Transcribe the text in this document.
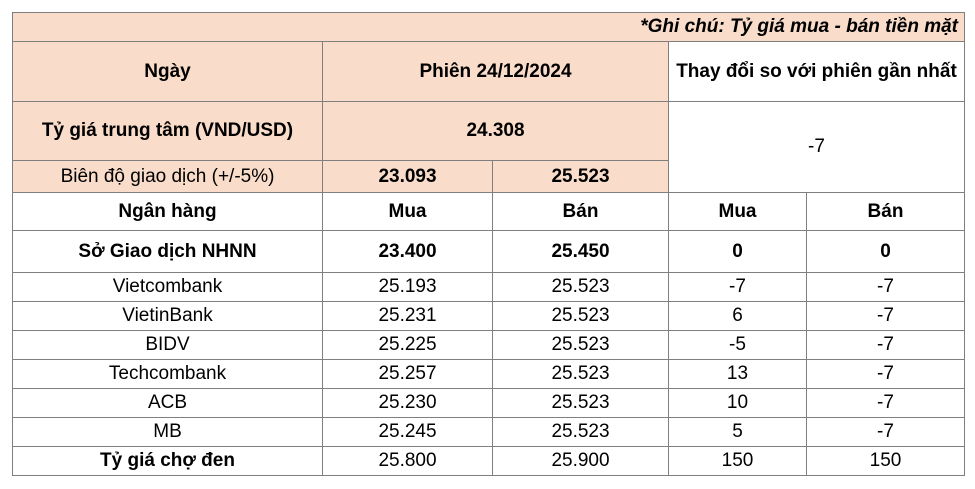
*Ghi chú: Tỷ giá mua - bán tiền mặt				
Ngày	Phiên 24/12/2024		Thay đổi so với phiên gần nhất	
Tỷ giá trung tâm (VND/USD)	24.308		-7	
Biên độ giao dịch (+/-5%)	23.093	25.523		
Ngân hàng	Mua	Bán	Mua	Bán
Sở Giao dịch NHNN	23.400	25.450	0	0
Vietcombank	25.193	25.523	-7	-7
VietinBank	25.231	25.523	6	-7
BIDV	25.225	25.523	-5	-7
Techcombank	25.257	25.523	13	-7
ACB	25.230	25.523	10	-7
MB	25.245	25.523	5	-7
Tỷ giá chợ đen	25.800	25.900	150	150
